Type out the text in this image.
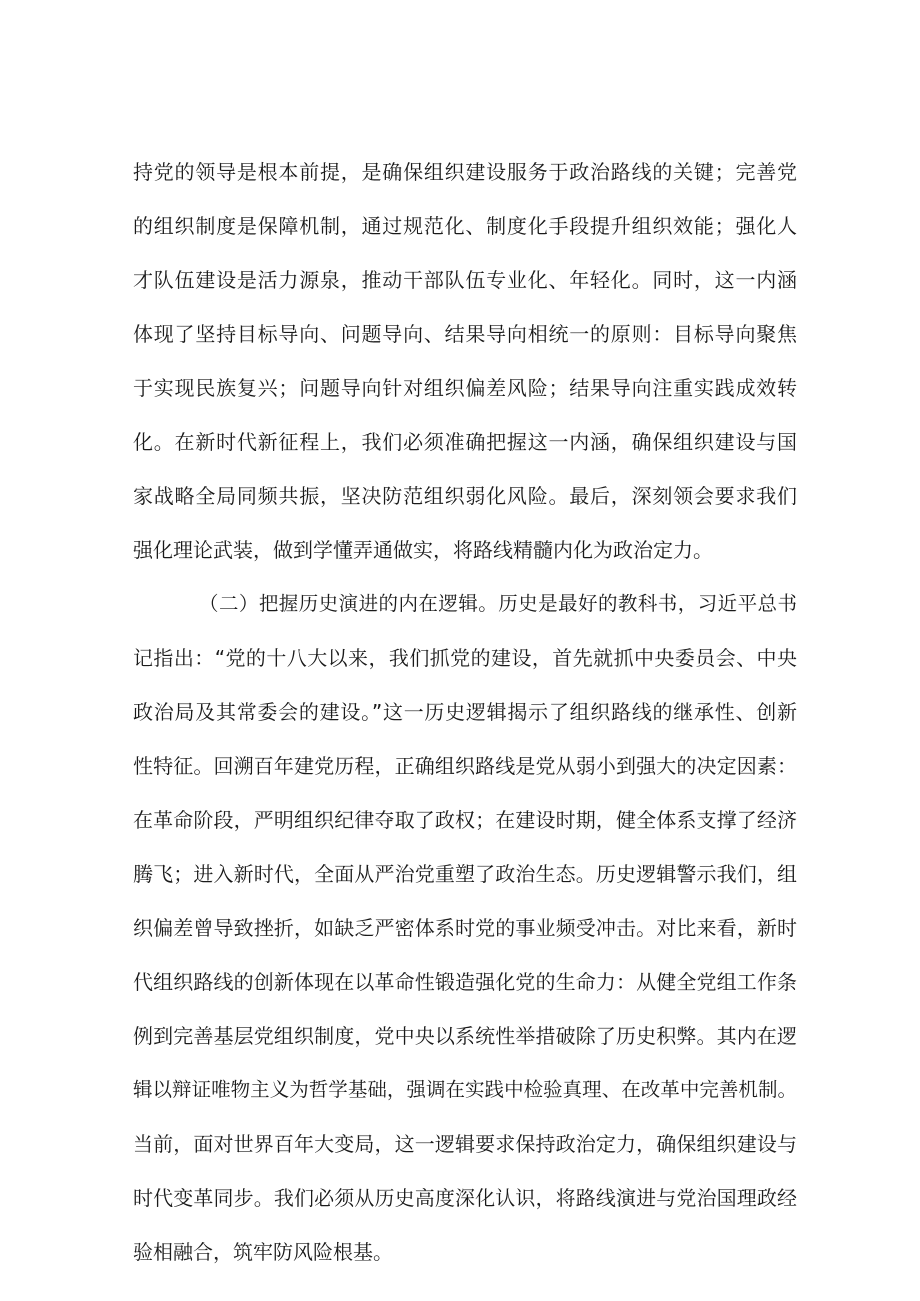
持党的领导是根本前提，是确保组织建设服务于政治路线的关键；完善党
的组织制度是保障机制，通过规范化、制度化手段提升组织效能；强化人
才队伍建设是活力源泉，推动干部队伍专业化、年轻化。同时，这一内涵
体现了坚持目标导向、问题导向、结果导向相统一的原则：目标导向聚焦
于实现民族复兴；问题导向针对组织偏差风险；结果导向注重实践成效转
化。在新时代新征程上，我们必须准确把握这一内涵，确保组织建设与国
家战略全局同频共振，坚决防范组织弱化风险。最后，深刻领会要求我们
强化理论武装，做到学懂弄通做实，将路线精髓内化为政治定力。
（二）把握历史演进的内在逻辑。历史是最好的教科书，习近平总书
记指出：“党的十八大以来，我们抓党的建设，首先就抓中央委员会、中央
政治局及其常委会的建设。”这一历史逻辑揭示了组织路线的继承性、创新
性特征。回溯百年建党历程，正确组织路线是党从弱小到强大的决定因素：
在革命阶段，严明组织纪律夺取了政权；在建设时期，健全体系支撑了经济
腾飞；进入新时代，全面从严治党重塑了政治生态。历史逻辑警示我们，组
织偏差曾导致挫折，如缺乏严密体系时党的事业频受冲击。对比来看，新时
代组织路线的创新体现在以革命性锻造强化党的生命力：从健全党组工作条
例到完善基层党组织制度，党中央以系统性举措破除了历史积弊。其内在逻
辑以辩证唯物主义为哲学基础，强调在实践中检验真理、在改革中完善机制。
当前，面对世界百年大变局，这一逻辑要求保持政治定力，确保组织建设与
时代变革同步。我们必须从历史高度深化认识，将路线演进与党治国理政经
验相融合，筑牢防风险根基。
